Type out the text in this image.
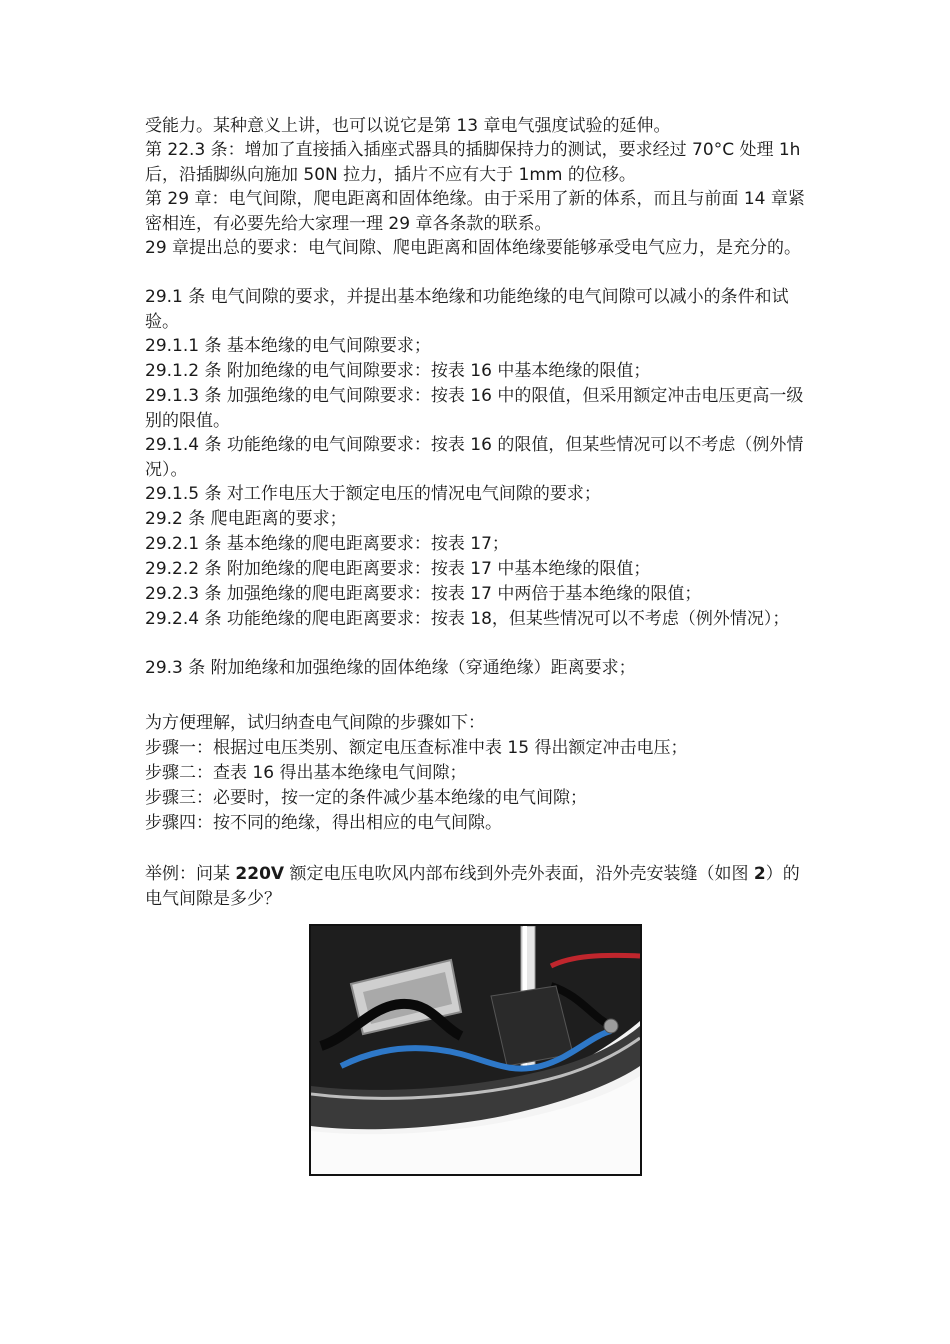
受能力。某种意义上讲，也可以说它是第 13 章电气强度试验的延伸。

第 22.3 条：增加了直接插入插座式器具的插脚保持力的测试，要求经过 70°C 处理 1h 后，沿插脚纵向施加 50N 拉力，插片不应有大于 1mm 的位移。

第 29 章：电气间隙，爬电距离和固体绝缘。由于采用了新的体系，而且与前面 14 章紧密相连，有必要先给大家理一理 29 章各条款的联系。

29 章提出总的要求：电气间隙、爬电距离和固体绝缘要能够承受电气应力，是充分的。

29.1 条 电气间隙的要求，并提出基本绝缘和功能绝缘的电气间隙可以减小的条件和试验。

29.1.1 条 基本绝缘的电气间隙要求；

29.1.2 条 附加绝缘的电气间隙要求：按表 16 中基本绝缘的限值；

29.1.3 条 加强绝缘的电气间隙要求：按表 16 中的限值，但采用额定冲击电压更高一级别的限值。

29.1.4 条 功能绝缘的电气间隙要求：按表 16 的限值，但某些情况可以不考虑（例外情况）。

29.1.5 条 对工作电压大于额定电压的情况电气间隙的要求；

29.2 条 爬电距离的要求；

29.2.1 条 基本绝缘的爬电距离要求：按表 17；

29.2.2 条 附加绝缘的爬电距离要求：按表 17 中基本绝缘的限值；

29.2.3 条 加强绝缘的爬电距离要求：按表 17 中两倍于基本绝缘的限值；

29.2.4 条 功能绝缘的爬电距离要求：按表 18，但某些情况可以不考虑（例外情况）；

29.3 条 附加绝缘和加强绝缘的固体绝缘（穿通绝缘）距离要求；

为方便理解，试归纳查电气间隙的步骤如下：

步骤一：根据过电压类别、额定电压查标准中表 15 得出额定冲击电压；

步骤二：查表 16 得出基本绝缘电气间隙；

步骤三：必要时，按一定的条件减少基本绝缘的电气间隙；

步骤四：按不同的绝缘，得出相应的电气间隙。

举例：问某 220V 额定电压电吹风内部布线到外壳外表面，沿外壳安装缝（如图 2）的电气间隙是多少？
